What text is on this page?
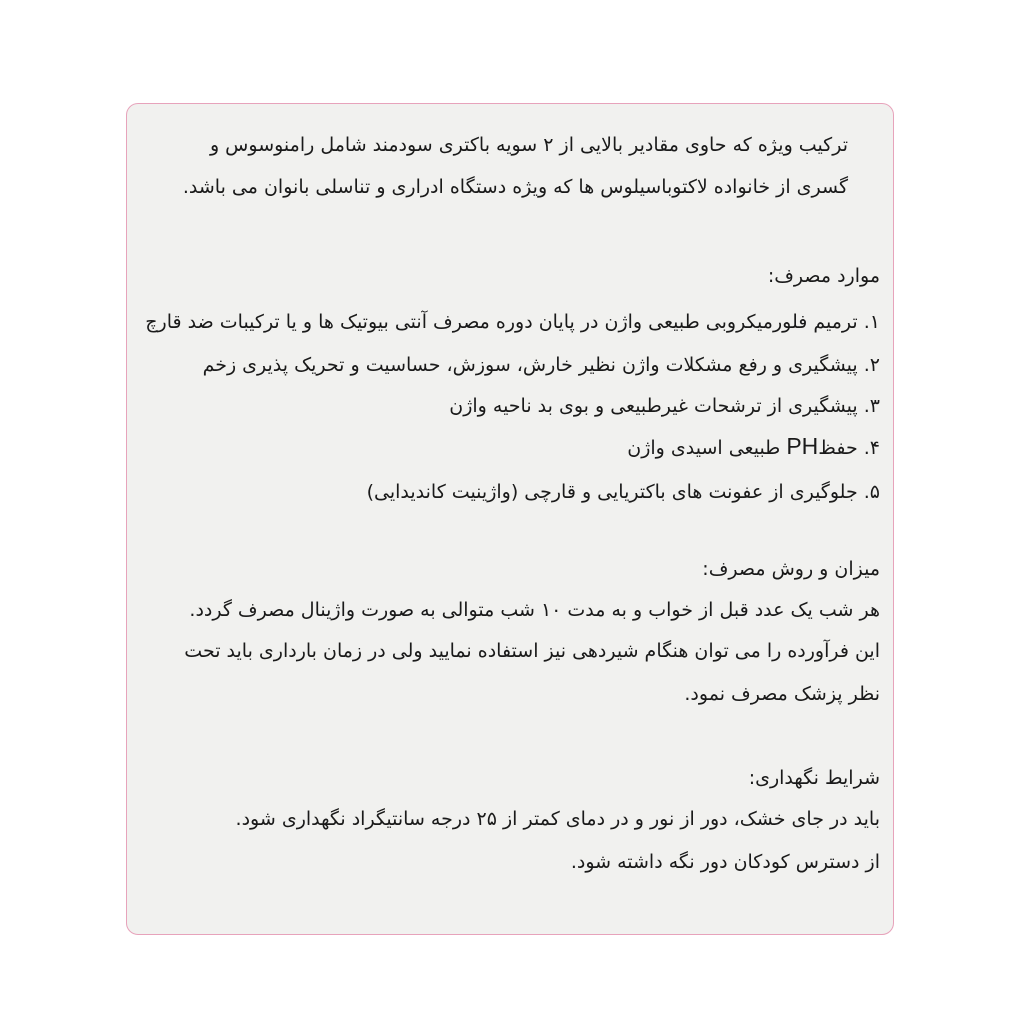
ترکیب ویژه که حاوی مقادیر بالایی از ۲ سویه باکتری سودمند شامل رامنوسوس و
گسری از خانواده لاکتوباسیلوس ها که ویژه دستگاه ادراری و تناسلی بانوان می باشد.
موارد مصرف:
۱. ترمیم فلورمیکروبی طبیعی واژن در پایان دوره مصرف آنتی بیوتیک ها و یا ترکیبات ضد قارچ
۲. پیشگیری و رفع مشکلات واژن نظیر خارش، سوزش، حساسیت و تحریک پذیری زخم
۳. پیشگیری از ترشحات غیرطبیعی و بوی بد ناحیه واژن
۴. حفظPH طبیعی اسیدی واژن
۵. جلوگیری از عفونت های باکتریایی و قارچی (واژینیت کاندیدایی)
میزان و روش مصرف:
هر شب یک عدد قبل از خواب و به مدت ۱۰ شب متوالی به صورت واژینال مصرف گردد.
این فرآورده را می توان هنگام شیردهی نیز استفاده نمایید ولی در زمان بارداری باید تحت
نظر پزشک مصرف نمود.
شرایط نگهداری:
باید در جای خشک، دور از نور و در دمای کمتر از ۲۵ درجه سانتیگراد نگهداری شود.
از دسترس کودکان دور نگه داشته شود.
